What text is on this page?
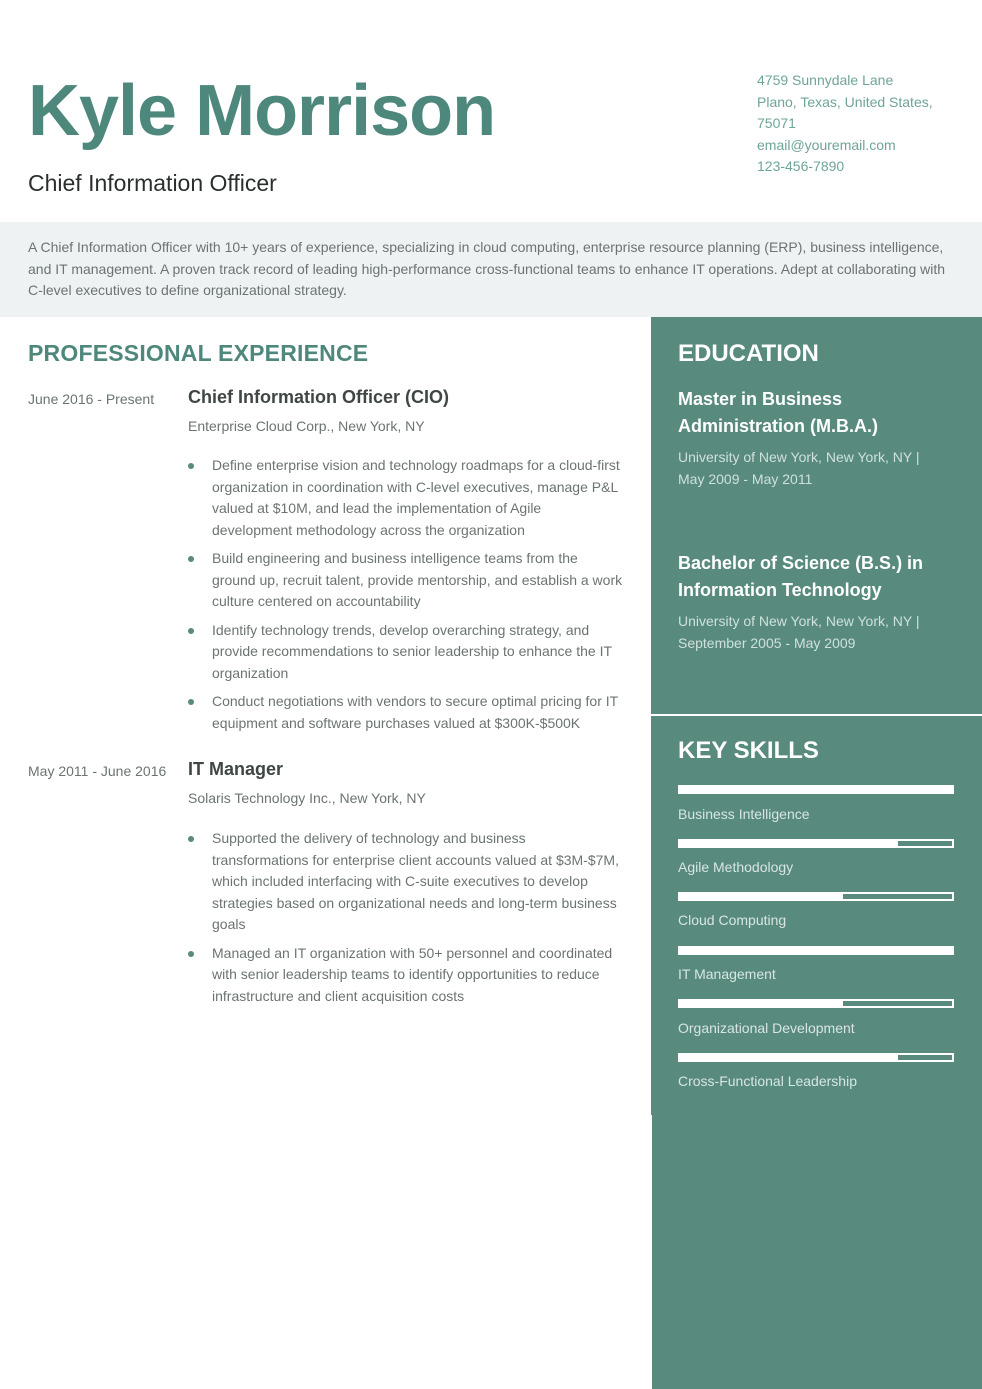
Kyle Morrison
Chief Information Officer
4759 Sunnydale Lane
Plano, Texas, United States,
75071
email@youremail.com
123-456-7890

A Chief Information Officer with 10+ years of experience, specializing in cloud computing, enterprise resource planning (ERP), business intelligence, and IT management. A proven track record of leading high-performance cross-functional teams to enhance IT operations. Adept at collaborating with C-level executives to define organizational strategy.

PROFESSIONAL EXPERIENCE
June 2016 - Present Chief Information Officer (CIO)
Enterprise Cloud Corp., New York, NY
Define enterprise vision and technology roadmaps for a cloud-first organization in coordination with C-level executives, manage P&L valued at $10M, and lead the implementation of Agile development methodology across the organization
Build engineering and business intelligence teams from the ground up, recruit talent, provide mentorship, and establish a work culture centered on accountability
Identify technology trends, develop overarching strategy, and provide recommendations to senior leadership to enhance the IT organization
Conduct negotiations with vendors to secure optimal pricing for IT equipment and software purchases valued at $300K-$500K
May 2011 - June 2016 IT Manager
Solaris Technology Inc., New York, NY
Supported the delivery of technology and business transformations for enterprise client accounts valued at $3M-$7M, which included interfacing with C-suite executives to develop strategies based on organizational needs and long-term business goals
Managed an IT organization with 50+ personnel and coordinated with senior leadership teams to identify opportunities to reduce infrastructure and client acquisition costs
EDUCATION
Master in Business Administration (M.B.A.)
University of New York, New York, NY | May 2009 - May 2011
Bachelor of Science (B.S.) in Information Technology
University of New York, New York, NY | September 2005 - May 2009
KEY SKILLS
Business Intelligence
Agile Methodology
Cloud Computing
IT Management
Organizational Development
Cross-Functional Leadership
